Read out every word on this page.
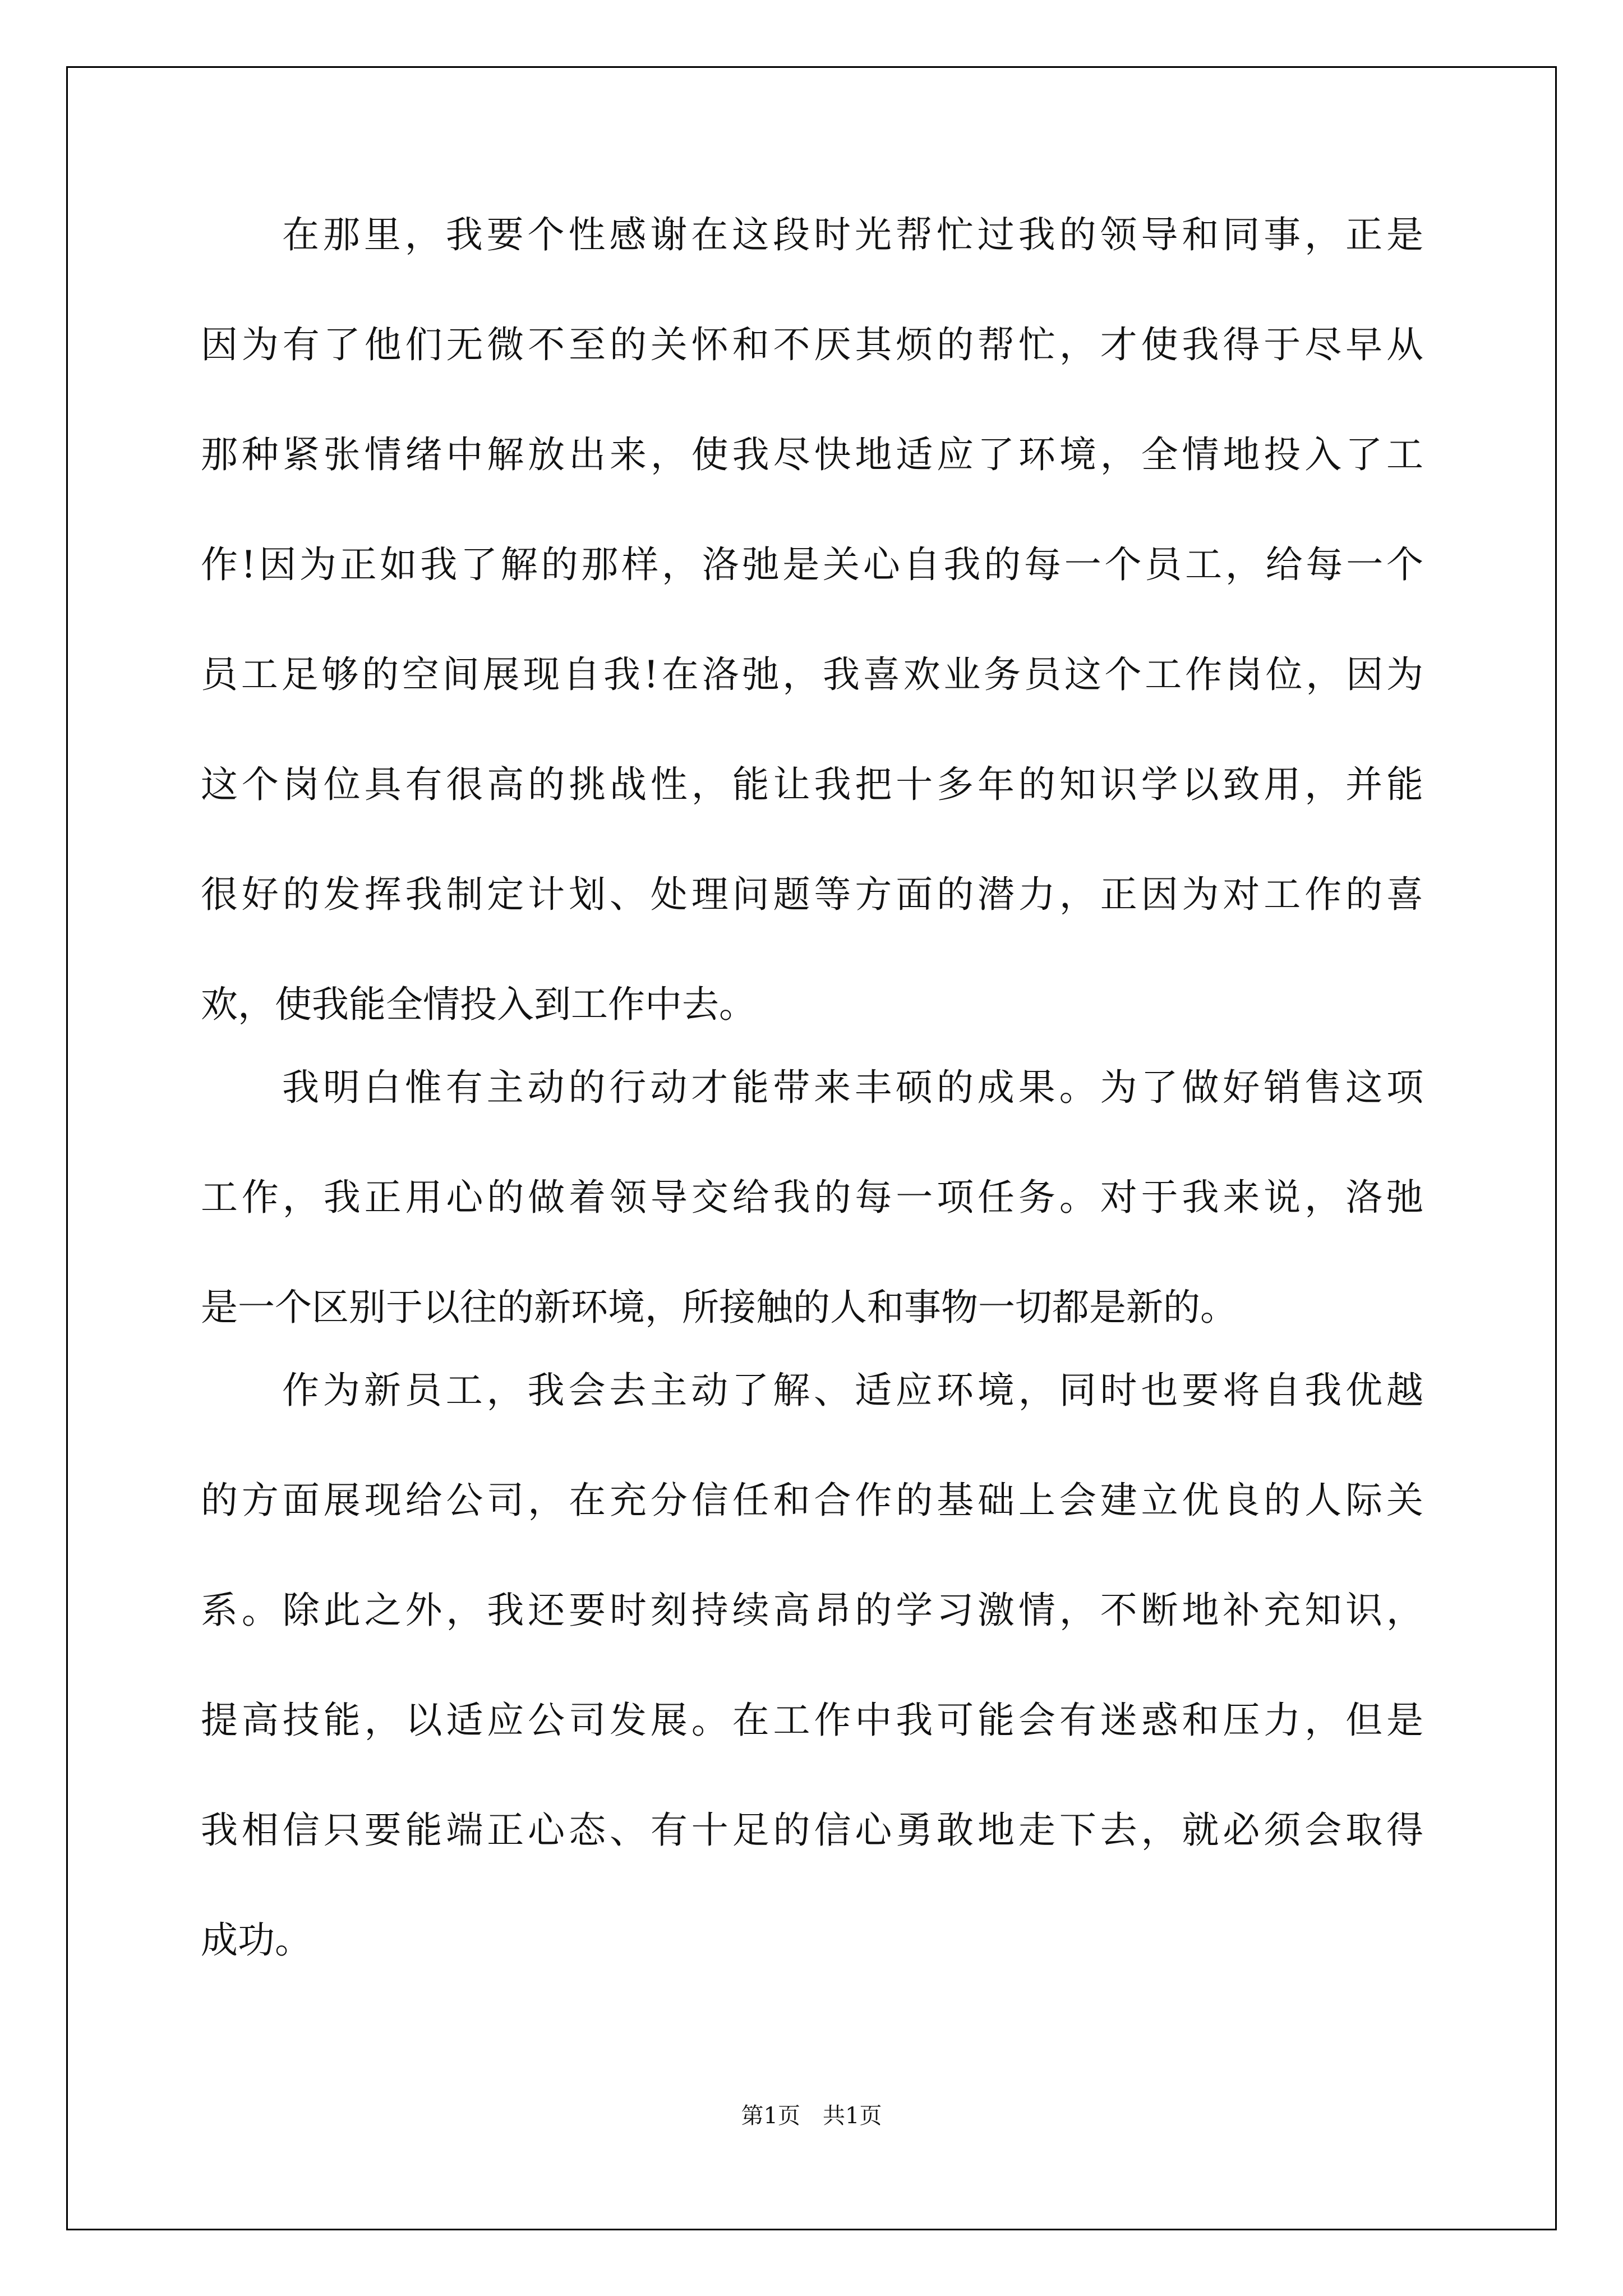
在那里，我要个性感谢在这段时光帮忙过我的领导和同事，正是
因为有了他们无微不至的关怀和不厌其烦的帮忙，才使我得于尽早从
那种紧张情绪中解放出来，使我尽快地适应了环境，全情地投入了工
作!因为正如我了解的那样，洛弛是关心自我的每一个员工，给每一个
员工足够的空间展现自我!在洛弛，我喜欢业务员这个工作岗位，因为
这个岗位具有很高的挑战性，能让我把十多年的知识学以致用，并能
很好的发挥我制定计划、处理问题等方面的潜力，正因为对工作的喜
欢，使我能全情投入到工作中去。
我明白惟有主动的行动才能带来丰硕的成果。为了做好销售这项
工作，我正用心的做着领导交给我的每一项任务。对于我来说，洛弛
是一个区别于以往的新环境，所接触的人和事物一切都是新的。
作为新员工，我会去主动了解、适应环境，同时也要将自我优越
的方面展现给公司，在充分信任和合作的基础上会建立优良的人际关
系。除此之外，我还要时刻持续高昂的学习激情，不断地补充知识，
提高技能，以适应公司发展。在工作中我可能会有迷惑和压力，但是
我相信只要能端正心态、有十足的信心勇敢地走下去，就必须会取得
成功。
第1页　共1页
